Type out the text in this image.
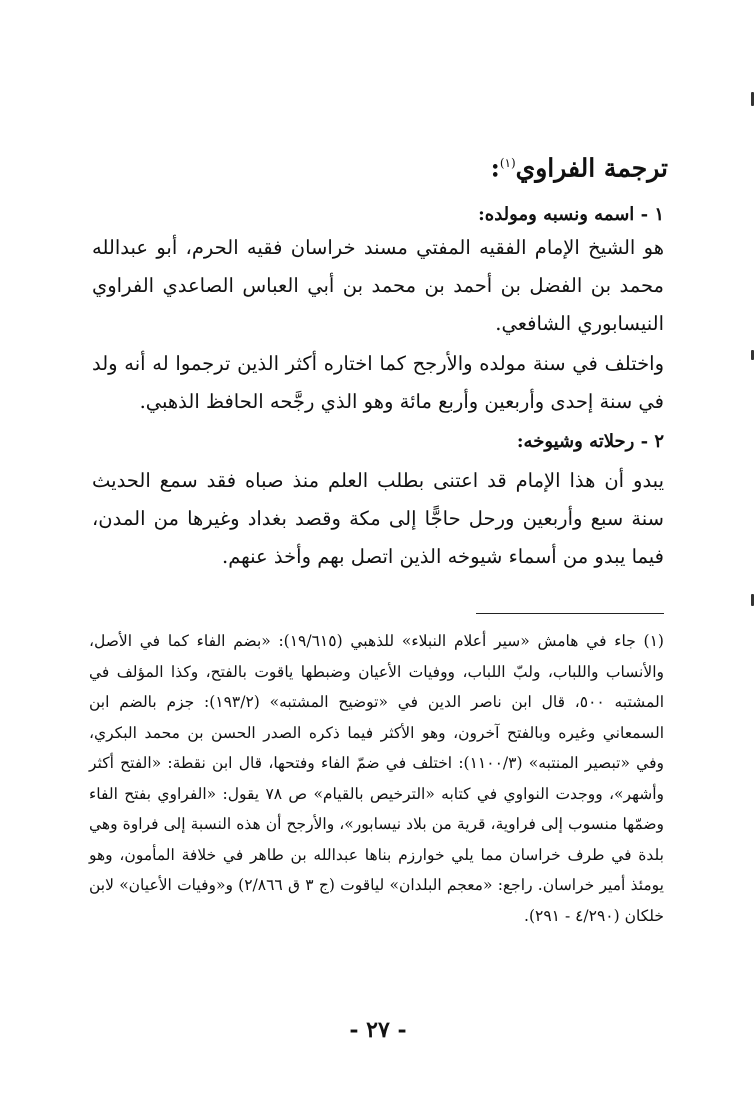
ترجمة الفراوي$^{(١)}$:
١ - اسمه ونسبه ومولده:
هو الشيخ الإمام الفقيه المفتي مسند خراسان فقيه الحرم، أبو عبدالله محمد بن الفضل بن أحمد بن محمد بن أبي العباس الصاعدي الفراوي النيسابوري الشافعي.
واختلف في سنة مولده والأرجح كما اختاره أكثر الذين ترجموا له أنه ولد في سنة إحدى وأربعين وأربع مائة وهو الذي رجَّحه الحافظ الذهبي.
٢ - رحلاته وشيوخه:
يبدو أن هذا الإمام قد اعتنى بطلب العلم منذ صباه فقد سمع الحديث سنة سبع وأربعين ورحل حاجًّا إلى مكة وقصد بغداد وغيرها من المدن، فيما يبدو من أسماء شيوخه الذين اتصل بهم وأخذ عنهم.
(١) جاء في هامش «سير أعلام النبلاء» للذهبي (١٩/٦١٥): «بضم الفاء كما في الأصل، والأنساب واللباب، ولبّ اللباب، ووفيات الأعيان وضبطها ياقوت بالفتح، وكذا المؤلف في المشتبه ٥٠٠، قال ابن ناصر الدين في «توضيح المشتبه» (١٩٣/٢): جزم بالضم ابن السمعاني وغيره وبالفتح آخرون، وهو الأكثر فيما ذكره الصدر الحسن بن محمد البكري، وفي «تبصير المنتبه» (١١٠٠/٣): اختلف في ضمّ الفاء وفتحها، قال ابن نقطة: «الفتح أكثر وأشهر»، ووجدت النواوي في كتابه «الترخيص بالقيام» ص ٧٨ يقول: «الفراوي بفتح الفاء وضمّها منسوب إلى فراوية، قرية من بلاد نيسابور»، والأرجح أن هذه النسبة إلى فراوة وهي بلدة في طرف خراسان مما يلي خوارزم بناها عبدالله بن طاهر في خلافة المأمون، وهو يومئذ أمير خراسان. راجع: «معجم البلدان» لياقوت (ج ٣ ق ٢/٨٦٦) و«وفيات الأعيان» لابن خلكان (٤/٢٩٠ - ٢٩١).
- ٢٧ -
